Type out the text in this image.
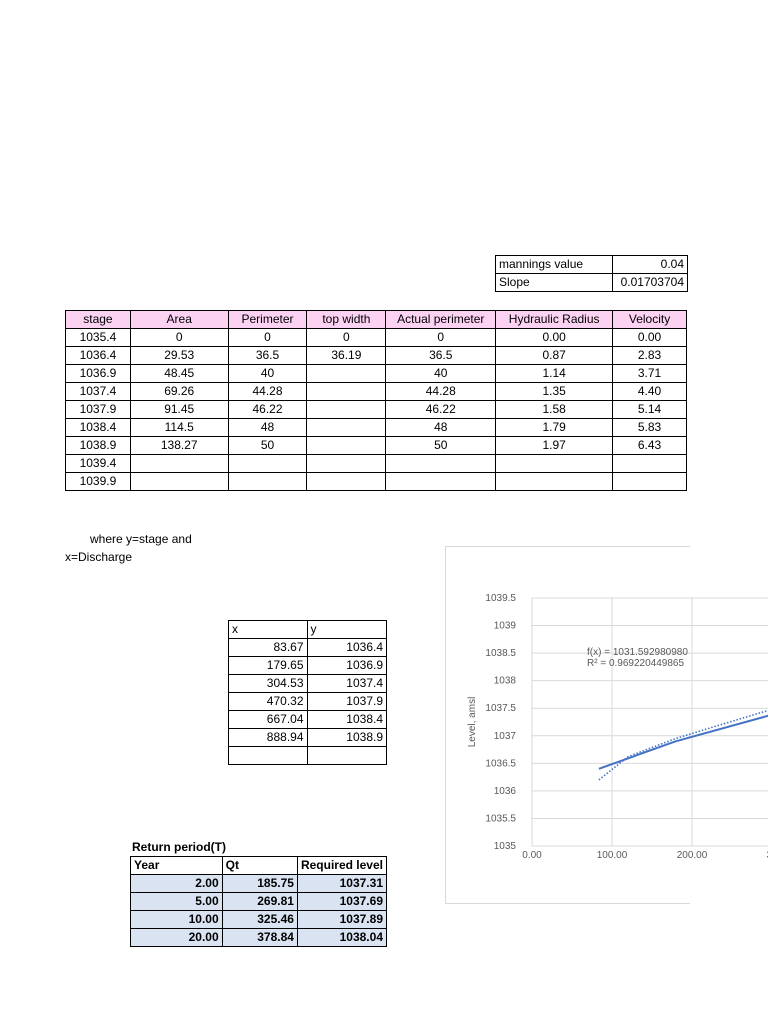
mannings value	0.04
Slope	0.01703704
stage	Area	Perimeter	top width	Actual perimeter	Hydraulic Radius	Velocity
1035.4	0	0	0	0	0.00	0.00
1036.4	29.53	36.5	36.19	36.5	0.87	2.83
1036.9	48.45	40		40	1.14	3.71
1037.4	69.26	44.28		44.28	1.35	4.40
1037.9	91.45	46.22		46.22	1.58	5.14
1038.4	114.5	48		48	1.79	5.83
1038.9	138.27	50		50	1.97	6.43
1039.4						
1039.9						
where y=stage and
x=Discharge
x	y
83.67	1036.4
179.65	1036.9
304.53	1037.4
470.32	1037.9
667.04	1038.4
888.94	1038.9

Return period(T)
Year	Qt	Required level
2.00	185.75	1037.31
5.00	269.81	1037.69
10.00	325.46	1037.89
20.00	378.84	1038.04
1035
1035.5
1036
1036.5
1037
1037.5
1038
1038.5
1039
1039.5
0.00	100.00	200.00
Level, amsl
f(x) = 1031.592980980
R² = 0.969220449865
